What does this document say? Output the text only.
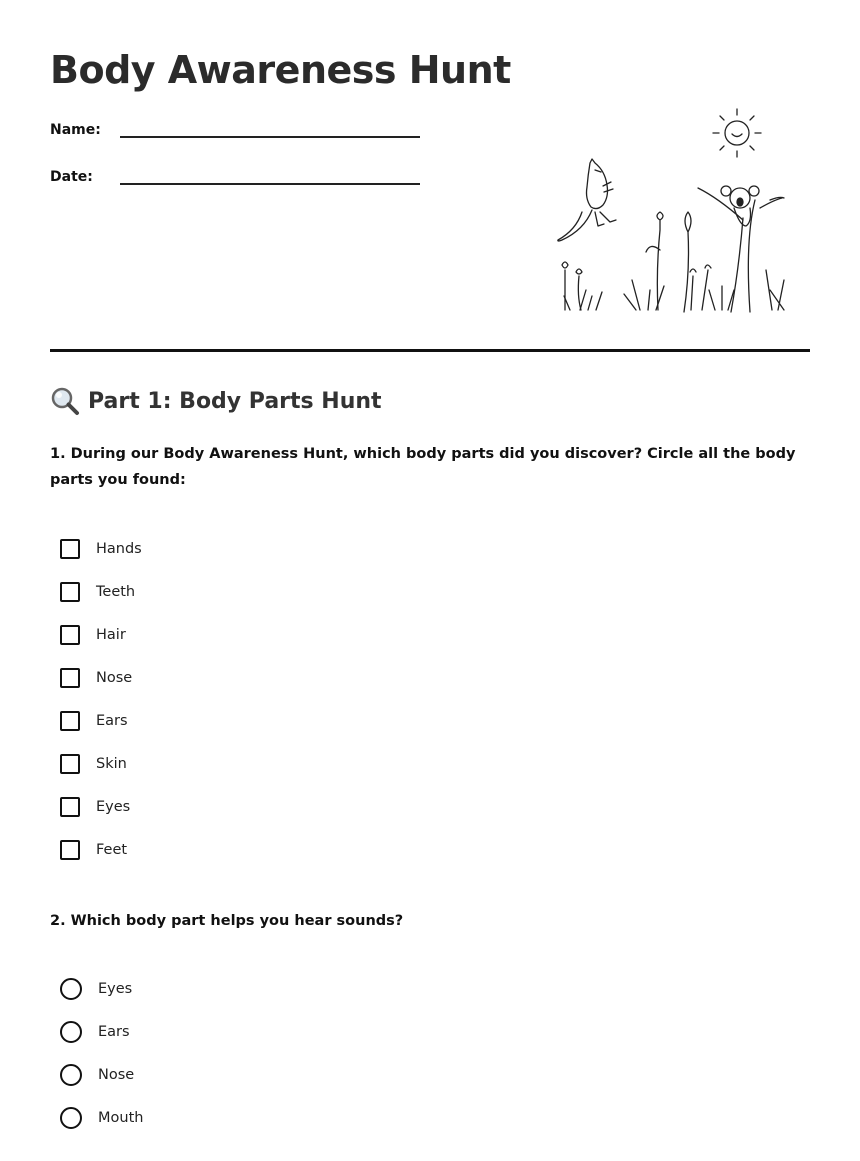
Body Awareness Hunt
Name:
Date:
Part 1: Body Parts Hunt
1. During our Body Awareness Hunt, which body parts did you discover? Circle all the body parts you found:
Hands
Teeth
Hair
Nose
Ears
Skin
Eyes
Feet
2. Which body part helps you hear sounds?
Eyes
Ears
Nose
Mouth
